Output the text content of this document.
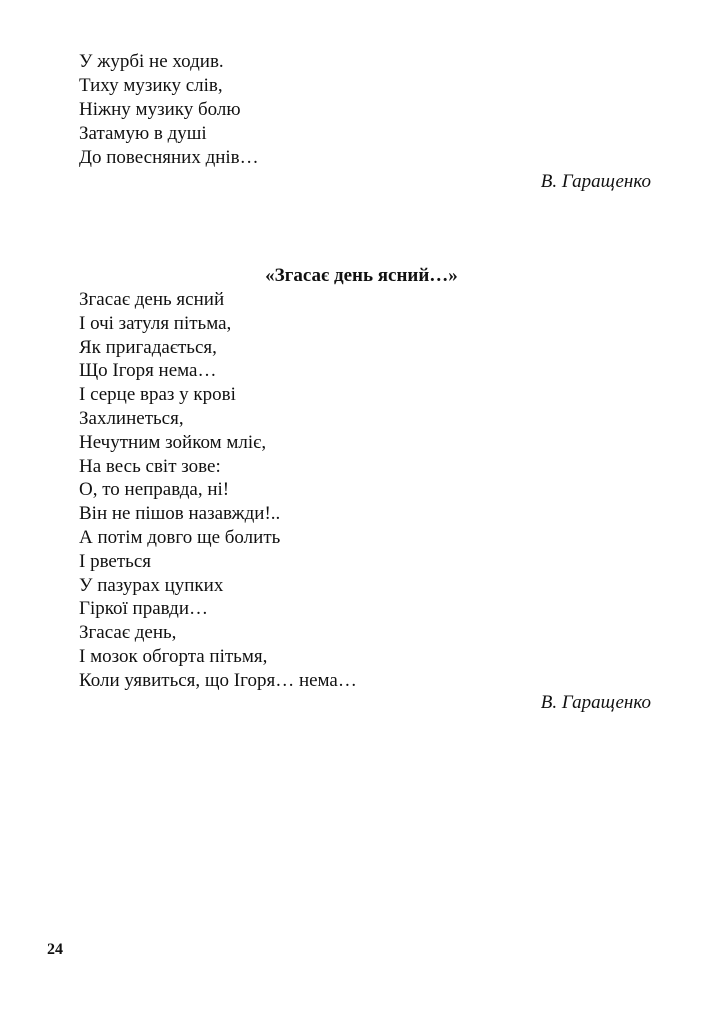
У журбі не ходив.
Тиху музику слів,
Ніжну музику болю
Затамую в душі
До повесняних днів…
В. Гаращенко
«Згасає день ясний…»
Згасає день ясний
І очі затуля пітьма,
Як пригадається,
Що Ігоря нема…
І серце враз у крові
Захлинеться,
Нечутним зойком мліє,
На весь світ зове:
О, то неправда, ні!
Він не пішов назавжди!..
А потім довго ще болить
І рветься
У пазурах цупких
Гіркої правди…
Згасає день,
І мозок обгорта пітьмя,
Коли уявиться, що Ігоря… нема…
В. Гаращенко
24
